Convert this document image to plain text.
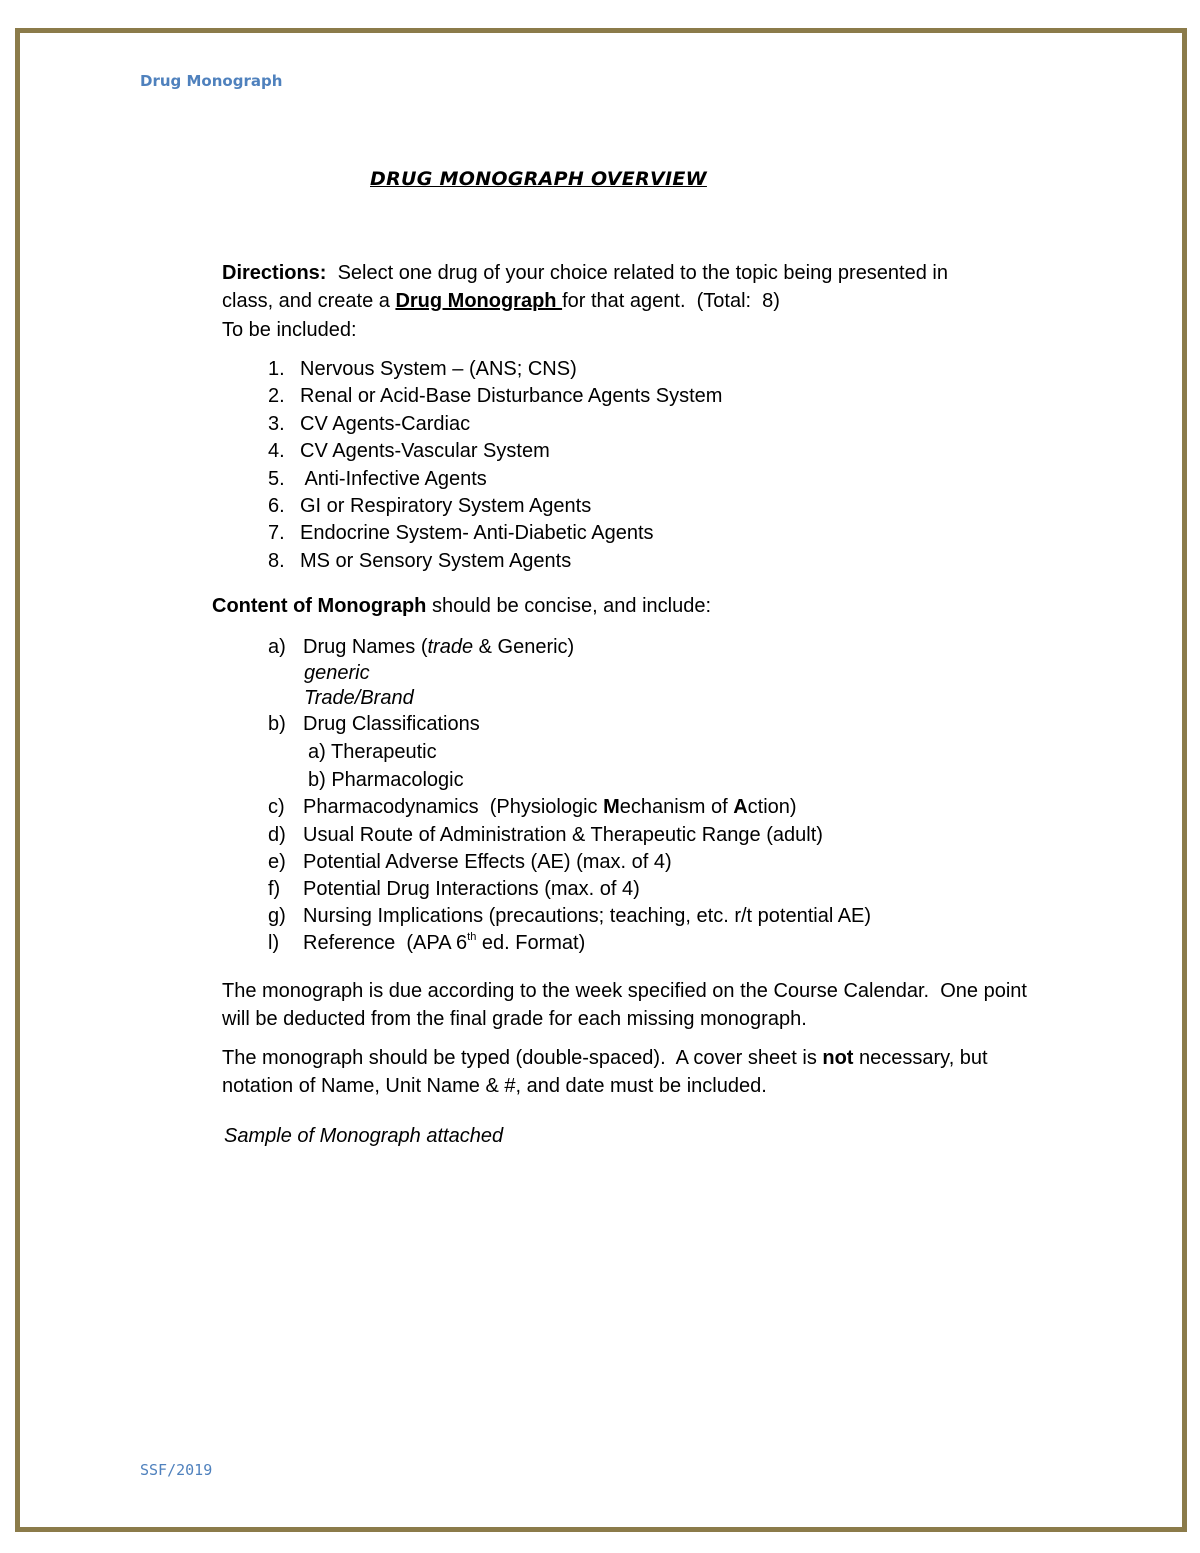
Drug Monograph
DRUG MONOGRAPH OVERVIEW
Directions:  Select one drug of your choice related to the topic being presented in
class, and create a Drug Monograph for that agent.  (Total:  8)
To be included:
1. Nervous System – (ANS; CNS)
2. Renal or Acid-Base Disturbance Agents System
3. CV Agents-Cardiac
4. CV Agents-Vascular System
5. Anti-Infective Agents
6. GI or Respiratory System Agents
7. Endocrine System- Anti-Diabetic Agents
8. MS or Sensory System Agents
Content of Monograph should be concise, and include:
a) Drug Names (trade & Generic)
generic
Trade/Brand
b) Drug Classifications
a) Therapeutic
b) Pharmacologic
c) Pharmacodynamics  (Physiologic Mechanism of Action)
d) Usual Route of Administration & Therapeutic Range (adult)
e) Potential Adverse Effects (AE) (max. of 4)
f) Potential Drug Interactions (max. of 4)
g) Nursing Implications (precautions; teaching, etc. r/t potential AE)
l) Reference  (APA 6th ed. Format)
The monograph is due according to the week specified on the Course Calendar.  One point
will be deducted from the final grade for each missing monograph.
The monograph should be typed (double-spaced).  A cover sheet is not necessary, but
notation of Name, Unit Name & #, and date must be included.
Sample of Monograph attached
SSF/2019
